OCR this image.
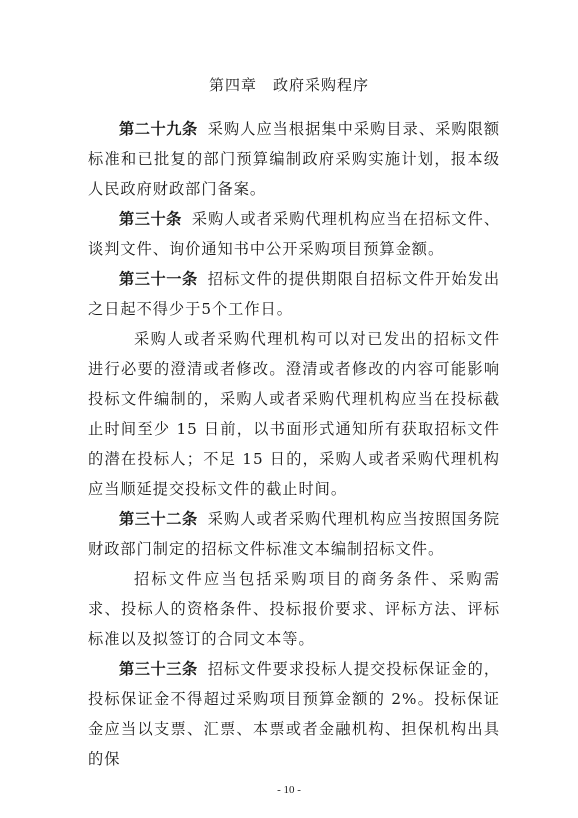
第四章　政府采购程序

第二十九条 采购人应当根据集中采购目录、采购限额标准和已批复的部门预算编制政府采购实施计划，报本级人民政府财政部门备案。

第三十条 采购人或者采购代理机构应当在招标文件、谈判文件、询价通知书中公开采购项目预算金额。

第三十一条 招标文件的提供期限自招标文件开始发出之日起不得少于5个工作日。

采购人或者采购代理机构可以对已发出的招标文件进行必要的澄清或者修改。澄清或者修改的内容可能影响投标文件编制的，采购人或者采购代理机构应当在投标截止时间至少 15 日前，以书面形式通知所有获取招标文件的潜在投标人；不足 15 日的，采购人或者采购代理机构应当顺延提交投标文件的截止时间。

第三十二条 采购人或者采购代理机构应当按照国务院财政部门制定的招标文件标准文本编制招标文件。

招标文件应当包括采购项目的商务条件、采购需求、投标人的资格条件、投标报价要求、评标方法、评标标准以及拟签订的合同文本等。

第三十三条 招标文件要求投标人提交投标保证金的，投标保证金不得超过采购项目预算金额的 2%。投标保证金应当以支票、汇票、本票或者金融机构、担保机构出具的保

- 10 -
